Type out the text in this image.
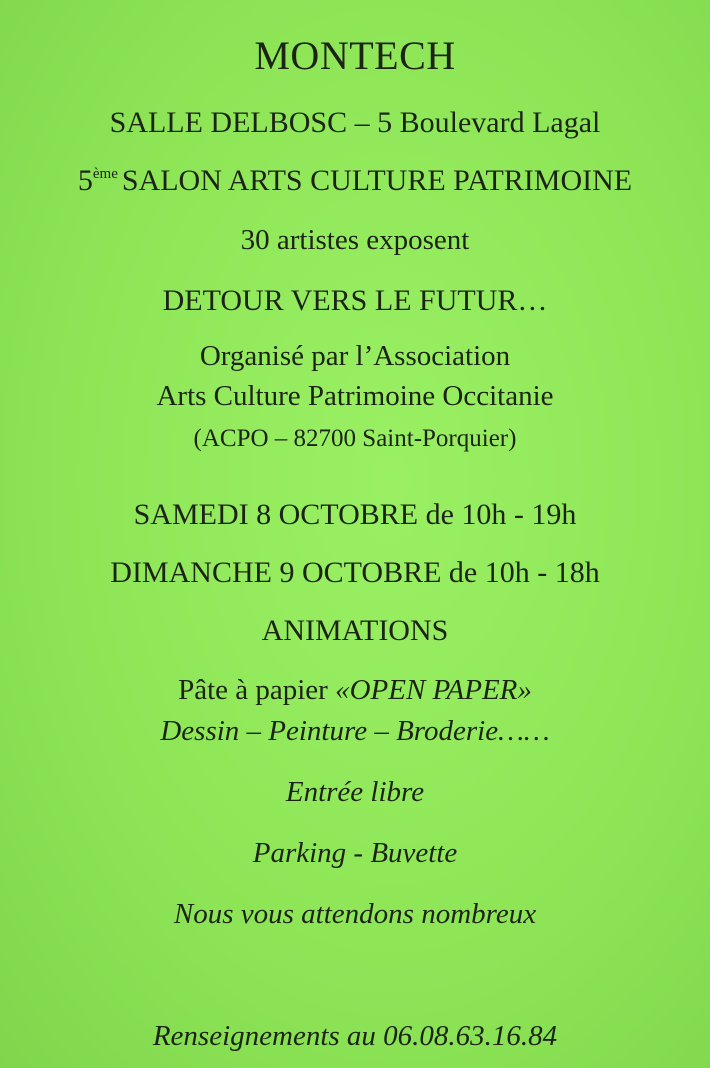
MONTECH
SALLE DELBOSC – 5 Boulevard Lagal
5ème SALON ARTS CULTURE PATRIMOINE
30 artistes exposent
DETOUR VERS LE FUTUR…
Organisé par l’Association
Arts Culture Patrimoine Occitanie
(ACPO – 82700 Saint-Porquier)
SAMEDI 8 OCTOBRE de 10h - 19h
DIMANCHE 9 OCTOBRE de 10h - 18h
ANIMATIONS
Pâte à papier «OPEN PAPER»
Dessin – Peinture – Broderie……
Entrée libre
Parking - Buvette
Nous vous attendons nombreux
Renseignements au 06.08.63.16.84
